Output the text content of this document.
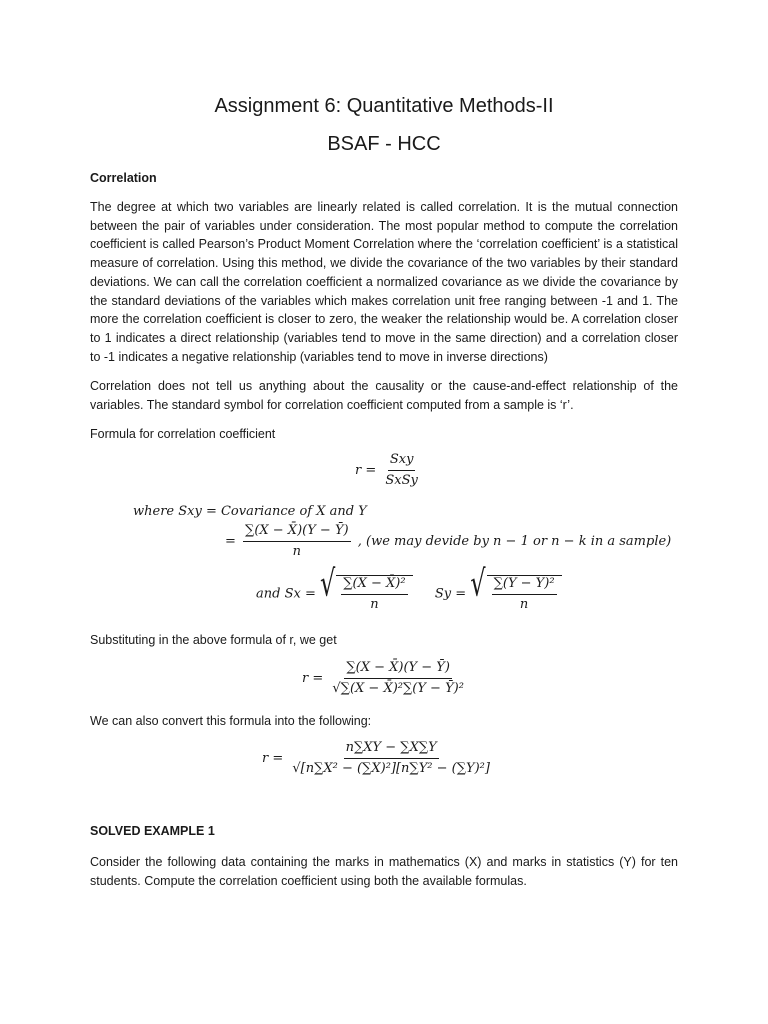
Assignment 6: Quantitative Methods-II
BSAF - HCC
Correlation

The degree at which two variables are linearly related is called correlation. It is the mutual connection between the pair of variables under consideration. The most popular method to compute the correlation coefficient is called Pearson’s Product Moment Correlation where the ‘correlation coefficient’ is a statistical measure of correlation. Using this method, we divide the covariance of the two variables by their standard deviations. We can call the correlation coefficient a normalized covariance as we divide the covariance by the standard deviations of the variables which makes correlation unit free ranging between -1 and 1. The more the correlation coefficient is closer to zero, the weaker the relationship would be. A correlation closer to 1 indicates a direct relationship (variables tend to move in the same direction) and a correlation closer to -1 indicates a negative relationship (variables tend to move in inverse directions)

Correlation does not tell us anything about the causality or the cause-and-effect relationship of the variables. The standard symbol for correlation coefficient computed from a sample is ‘r’.

Formula for correlation coefficient
$r = \frac{\text{Sxy}}{\text{SxSy}}$
where Sxy = Covariance of X and Y
= $\frac{\sum(X - X̄)(Y - Ȳ)}{n}$ , (we may devide by n − 1 or n − k in a sample)
and Sx = √ $\frac{\text{∑(X − X̄)²}}{n}$ Sy = √ $\frac{\text{∑(Y − Ȳ)²}}{n}$
Substituting in the above formula of r, we get
$r = \frac{\sum(X - X̄)(Y - Ȳ)}{\text{√∑(X − X̄)²∑(Y − Ȳ)²}}$
We can also convert this formula into the following:
$r = \frac{n\sum XY - \sum X\sum Y}{\text{√[n∑X² − (∑X)²][n∑Y² − (∑Y)²]}}$
SOLVED EXAMPLE 1

Consider the following data containing the marks in mathematics (X) and marks in statistics (Y) for ten students. Compute the correlation coefficient using both the available formulas.
